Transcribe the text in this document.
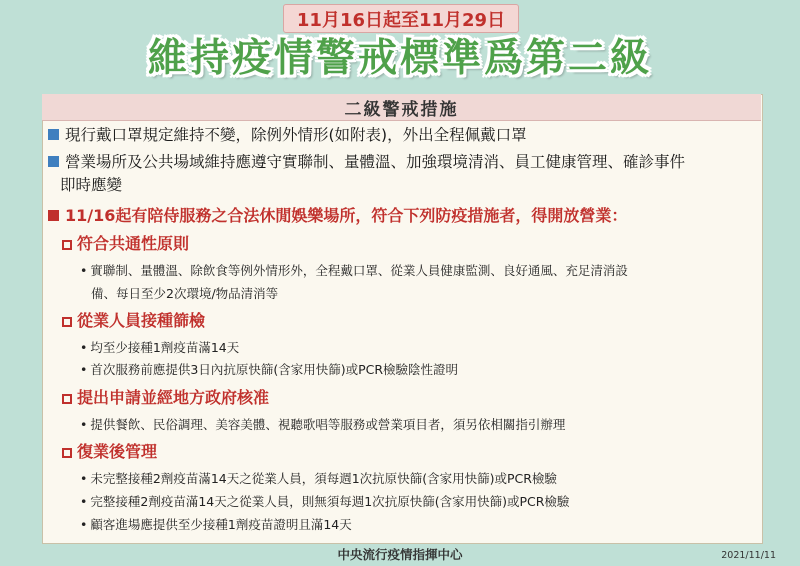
11月16日起至11月29日
維持疫情警戒標準爲第二級
二級警戒措施
現行戴口罩規定維持不變，除例外情形(如附表)，外出全程佩戴口罩
營業場所及公共場域維持應遵守實聯制、量體溫、加強環境清消、員工健康管理、確診事件
即時應變
11/16起有陪侍服務之合法休閒娛樂場所，符合下列防疫措施者，得開放營業：
符合共通性原則
• 實聯制、量體溫、除飲食等例外情形外，全程戴口罩、從業人員健康監測、良好通風、充足清消設
備、每日至少2次環境/物品清消等
從業人員接種篩檢
• 均至少接種1劑疫苗滿14天
• 首次服務前應提供3日內抗原快篩(含家用快篩)或PCR檢驗陰性證明
提出申請並經地方政府核准
• 提供餐飲、民俗調理、美容美體、視聽歌唱等服務或營業項目者，須另依相關指引辦理
復業後管理
• 未完整接種2劑疫苗滿14天之從業人員，須每週1次抗原快篩(含家用快篩)或PCR檢驗
• 完整接種2劑疫苗滿14天之從業人員，則無須每週1次抗原快篩(含家用快篩)或PCR檢驗
• 顧客進場應提供至少接種1劑疫苗證明且滿14天
中央流行疫情指揮中心	2021/11/11
